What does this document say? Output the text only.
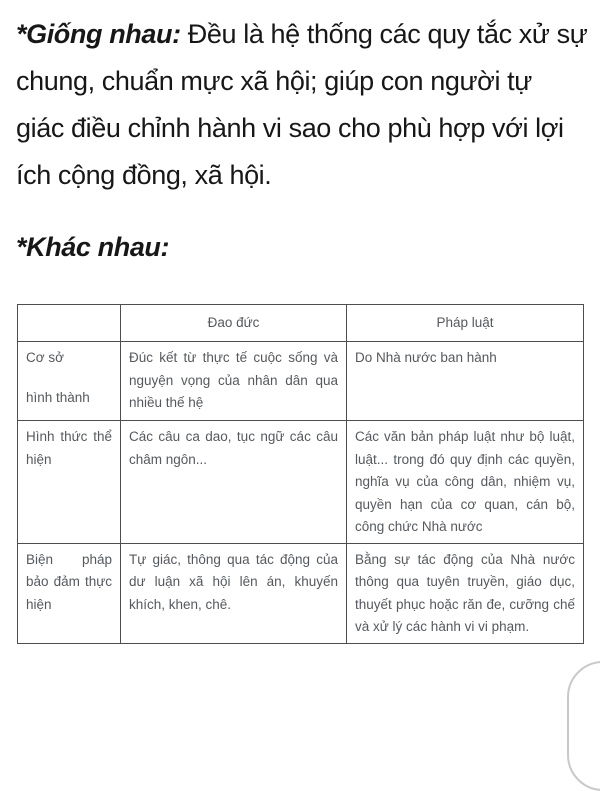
*Giống nhau: Đều là hệ thống các quy tắc xử sự
chung, chuẩn mực xã hội; giúp con người tự
giác điều chỉnh hành vi sao cho phù hợp với lợi
ích cộng đồng, xã hội.
*Khác nhau:
	Đao đức	Pháp luật
Cơ sở
hình thành	Đúc kết từ thực tế cuộc sống và nguyện vọng của nhân dân qua nhiều thế hệ	Do Nhà nước ban hành
Hình thức thể hiện	Các câu ca dao, tục ngữ các câu châm ngôn...	Các văn bản pháp luật như bộ luật, luật... trong đó quy định các quyền, nghĩa vụ của công dân, nhiệm vụ, quyền hạn của cơ quan, cán bộ, công chức Nhà nước
Biện pháp bảo đảm thực hiện	Tự giác, thông qua tác động của dư luận xã hội lên án, khuyến khích, khen, chê.	Bằng sự tác động của Nhà nước thông qua tuyên truyền, giáo dục, thuyết phục hoặc răn đe, cưỡng chế và xử lý các hành vi vi phạm.
